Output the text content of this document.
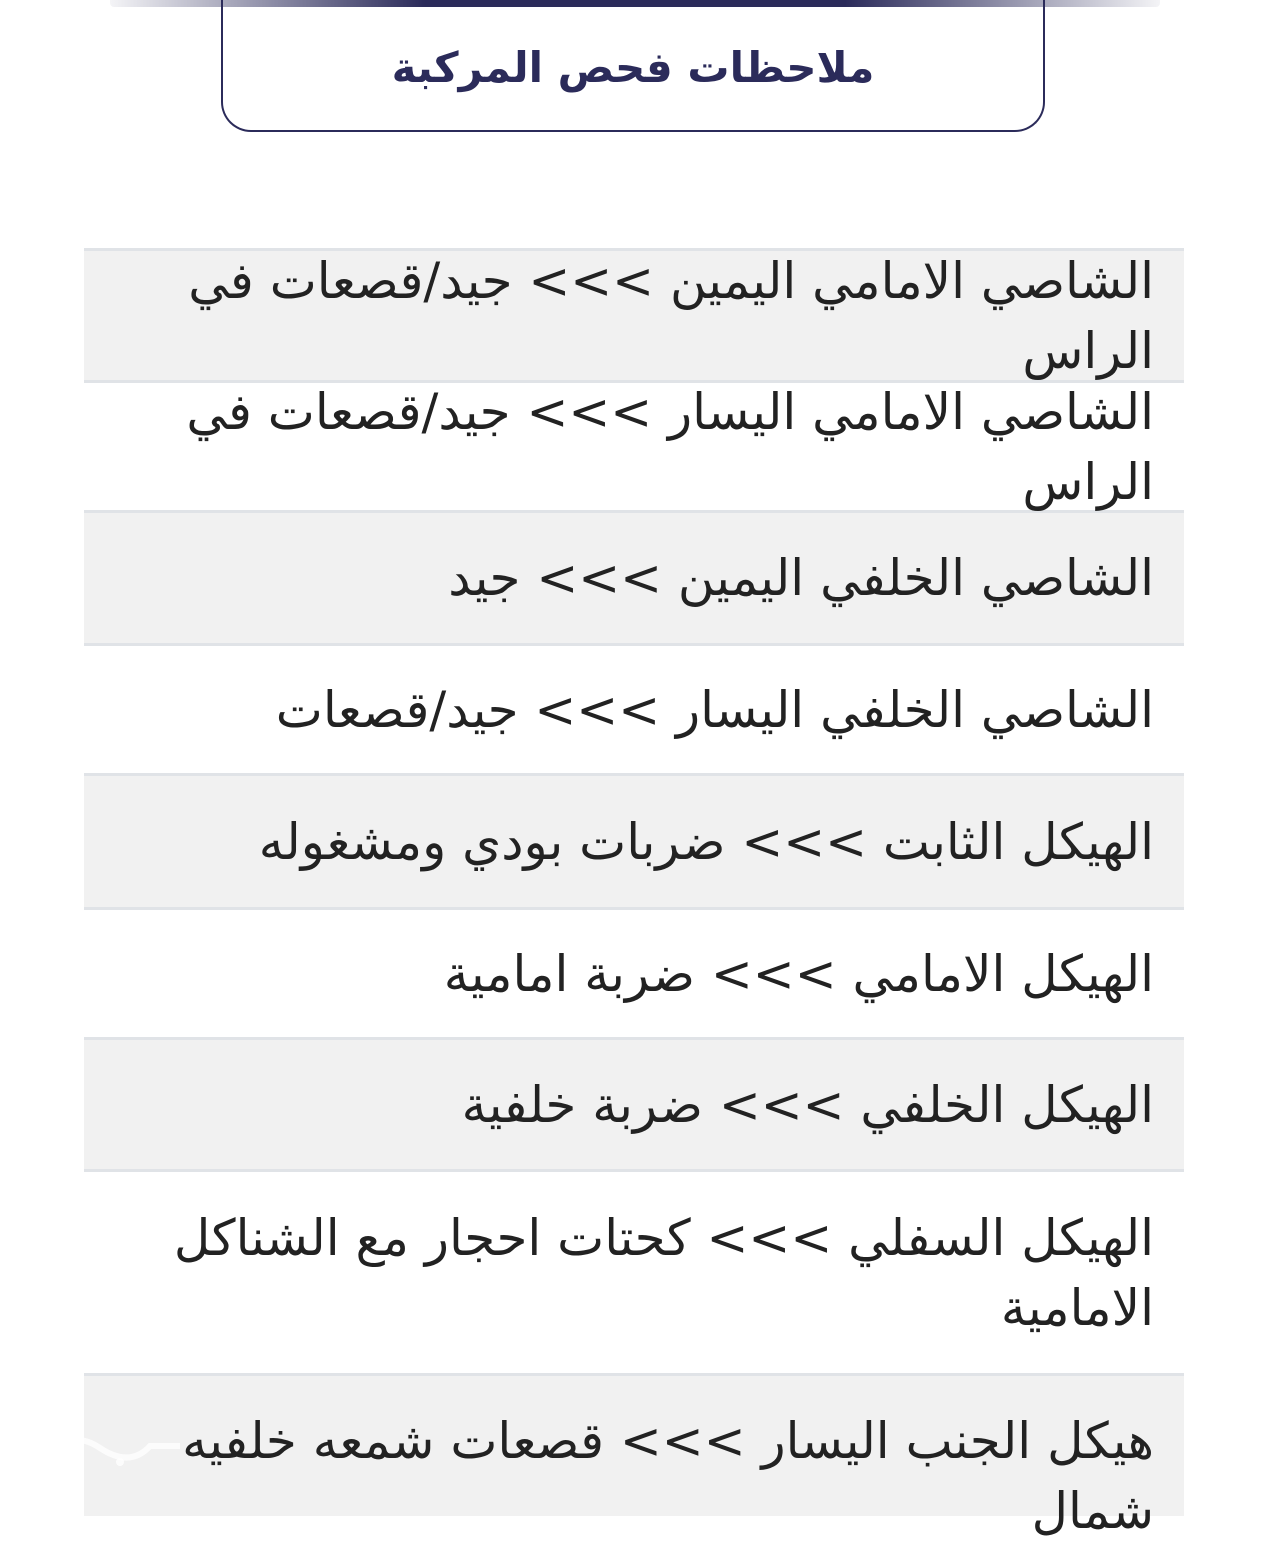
ملاحظات فحص المركبة
الشاصي الامامي اليمين >>> جيد/قصعات في الراس
الشاصي الامامي اليسار >>> جيد/قصعات في الراس
الشاصي الخلفي اليمين >>> جيد
الشاصي الخلفي اليسار >>> جيد/قصعات
الهيكل الثابت >>> ضربات بودي ومشغوله
الهيكل الامامي >>> ضربة امامية
الهيكل الخلفي >>> ضربة خلفية
الهيكل السفلي >>> كحتات احجار مع الشناكل الامامية
هيكل الجنب اليسار >>> قصعات شمعه خلفيه شمال
